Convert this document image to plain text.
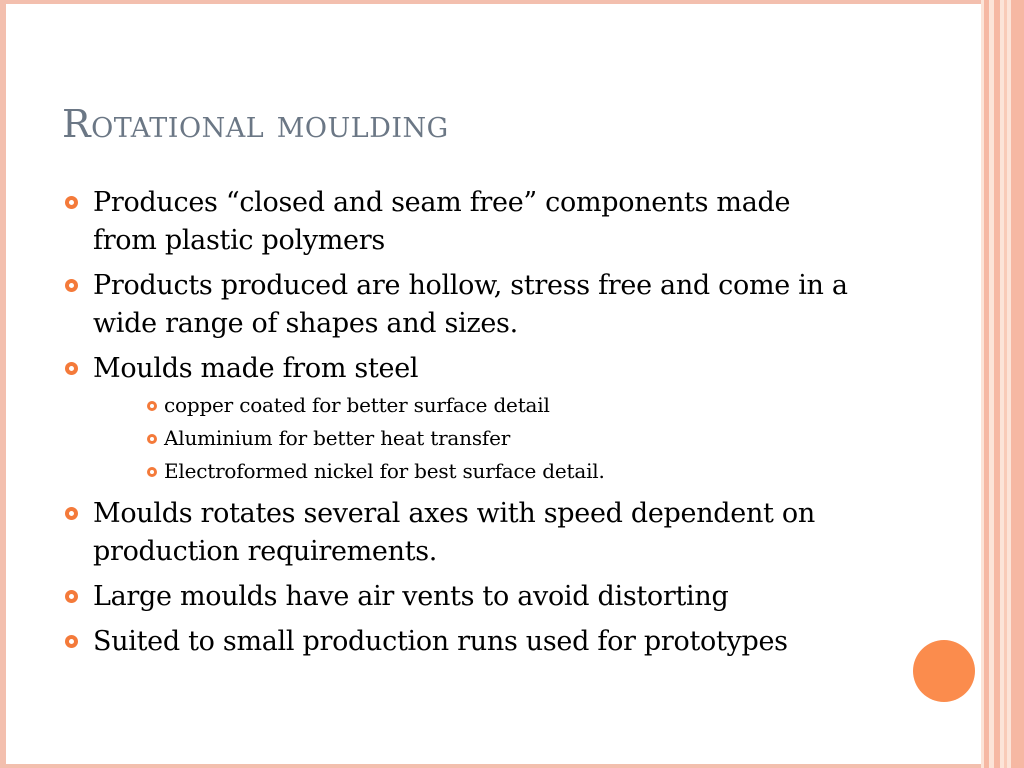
Rotational moulding
Produces “closed and seam free” components made from plastic polymers
Products produced are hollow, stress free and come in a wide range of shapes and sizes.
Moulds made from steel
copper coated for better surface detail
Aluminium for better heat transfer
Electroformed nickel for best surface detail.
Moulds rotates several axes with speed dependent on production requirements.
Large moulds have air vents to avoid distorting
Suited to small production runs used for prototypes
